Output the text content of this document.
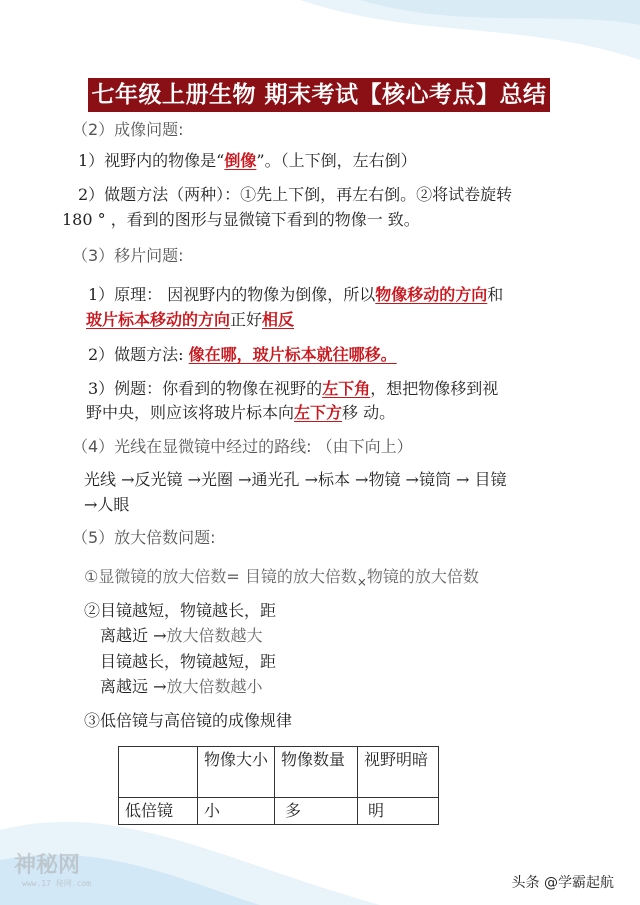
七年级上册生物 期末考试【核心考点】总结
（2）成像问题:
1）视野内的物像是“倒像”。（上下倒，左右倒）
2）做题方法（两种）：①先上下倒，再左右倒。②将试卷旋转
180 ° ，看到的图形与显微镜下看到的物像一 致。
（3）移片问题:
1）原理： 因视野内的物像为倒像，所以物像移动的方向和
玻片标本移动的方向正好相反
2）做题方法: 像在哪，玻片标本就往哪移。
3）例题：你看到的物像在视野的左下角，想把物像移到视
野中央，则应该将玻片标本向左下方移 动。
（4）光线在显微镜中经过的路线: （由下向上）
光线 →反光镜 →光圈 →通光孔 →标本 →物镜 →镜筒 → 目镜
→人眼
（5）放大倍数问题:
①显微镜的放大倍数= 目镜的放大倍数$_\times$物镜的放大倍数
②目镜越短，物镜越长，距
离越近 →放大倍数越大
目镜越长，物镜越短，距
离越远 →放大倍数越小
③低倍镜与高倍镜的成像规律
	物像大小	物像数量	视野明暗
低倍镜	小	多	明
神秘网
www.17 秘网.com	头条 @学霸起航
